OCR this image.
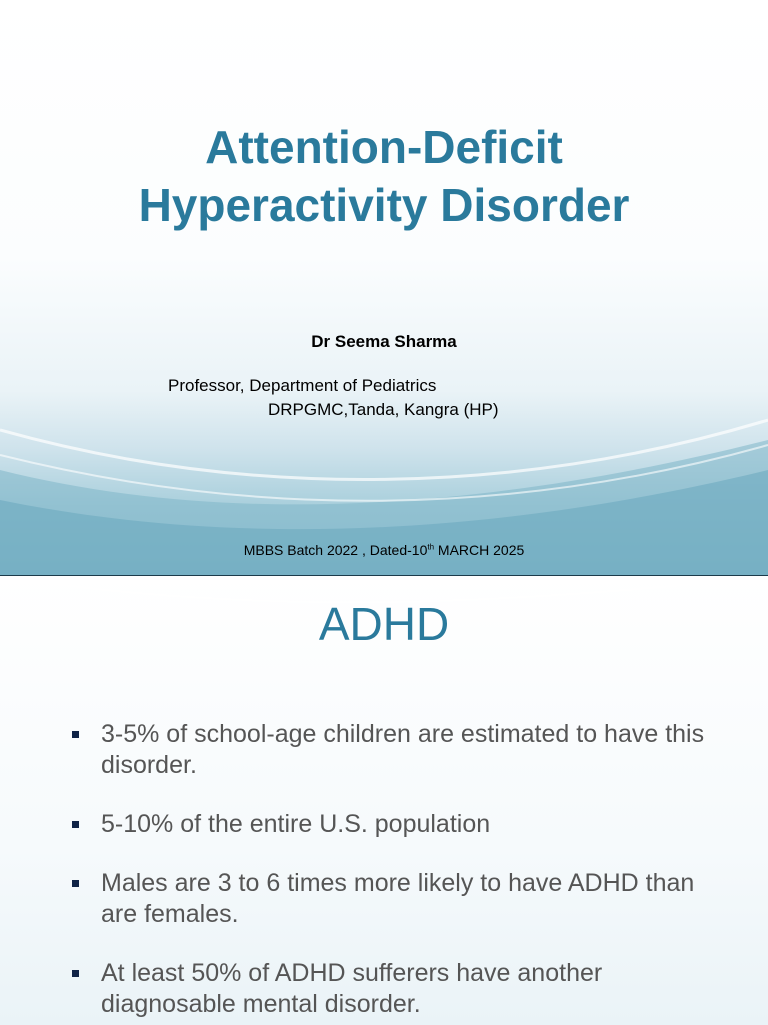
Attention-Deficit
Hyperactivity Disorder
Dr Seema Sharma
Professor, Department of Pediatrics
DRPGMC,Tanda, Kangra (HP)
MBBS Batch 2022 , Dated-10th MARCH 2025
ADHD
3-5% of school-age children are estimated to have this disorder.
5-10% of the entire U.S. population
Males are 3 to 6 times more likely to have ADHD than are females.
At least 50% of ADHD sufferers have another diagnosable mental disorder.
